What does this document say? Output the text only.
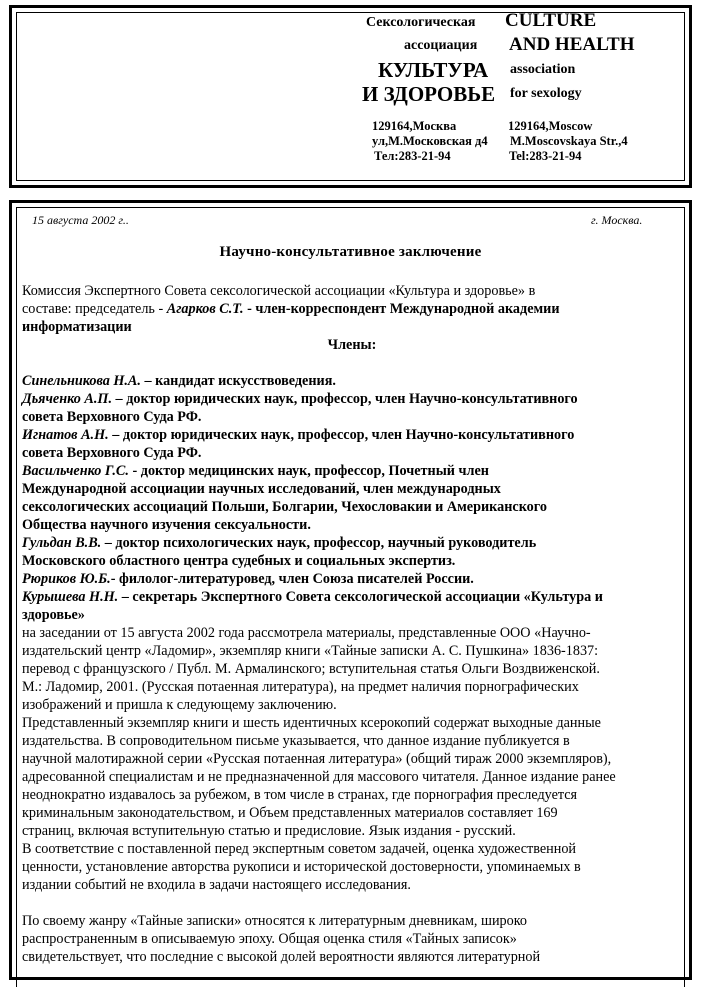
Сексологическая
ассоциация
КУЛЬТУРА
И ЗДОРОВЬЕ
CULTURE
AND HEALTH
association
for sexology
129164,Москва
ул,М.Московская д4
Тел:283-21-94
129164,Moscow
M.Moscovskaya Str.,4
Tel:283-21-94
15 августа 2002 г..	г. Москва.
Научно-консультативное заключение
Комиссия Экспертного Совета сексологической ассоциации «Культура и здоровье» в
составе: председатель - Агарков С.Т. - член-корреспондент Международной академии
информатизации
Члены:
Синельникова Н.А. – кандидат искусствоведения.
Дьяченко А.П. – доктор юридических наук, профессор, член Научно-консультативного
совета Верховного Суда РФ.
Игнатов А.Н. – доктор юридических наук, профессор, член Научно-консультативного
совета Верховного Суда РФ.
Васильченко Г.С. - доктор медицинских наук, профессор, Почетный член
Международной ассоциации научных исследований, член международных
сексологических ассоциаций Польши, Болгарии, Чехословакии и Американского
Общества научного изучения сексуальности.
Гульдан В.В. – доктор психологических наук, профессор, научный руководитель
Московского областного центра судебных и социальных экспертиз.
Рюриков Ю.Б.- филолог-литературовед, член Союза писателей России.
Курышева Н.Н. – секретарь Экспертного Совета сексологической ассоциации «Культура и
здоровье»
на заседании от 15 августа 2002 года рассмотрела материалы, представленные ООО «Научно-
издательский центр «Ладомир», экземпляр книги «Тайные записки А. С. Пушкина» 1836-1837:
перевод с французского / Публ. М. Армалинского; вступительная статья Ольги Воздвиженской.
М.: Ладомир, 2001. (Русская потаенная литература), на предмет наличия порнографических
изображений и пришла к следующему заключению.
Представленный экземпляр книги и шесть идентичных ксерокопий содержат выходные данные
издательства. В сопроводительном письме указывается, что данное издание публикуется в
научной малотиражной серии «Русская потаенная литература» (общий тираж 2000 экземпляров),
адресованной специалистам и не предназначенной для массового читателя. Данное издание ранее
неоднократно издавалось за рубежом, в том числе в странах, где порнография преследуется
криминальным законодательством, и Объем представленных материалов составляет 169
страниц, включая вступительную статью и предисловие. Язык издания - русский.
В соответствие с поставленной перед экспертным советом задачей, оценка художественной
ценности, установление авторства рукописи и исторической достоверности, упоминаемых в
издании событий не входила в задачи настоящего исследования.
По своему жанру «Тайные записки» относятся к литературным дневникам, широко
распространенным в описываемую эпоху. Общая оценка стиля «Тайных записок»
свидетельствует, что последние с высокой долей вероятности являются литературной
